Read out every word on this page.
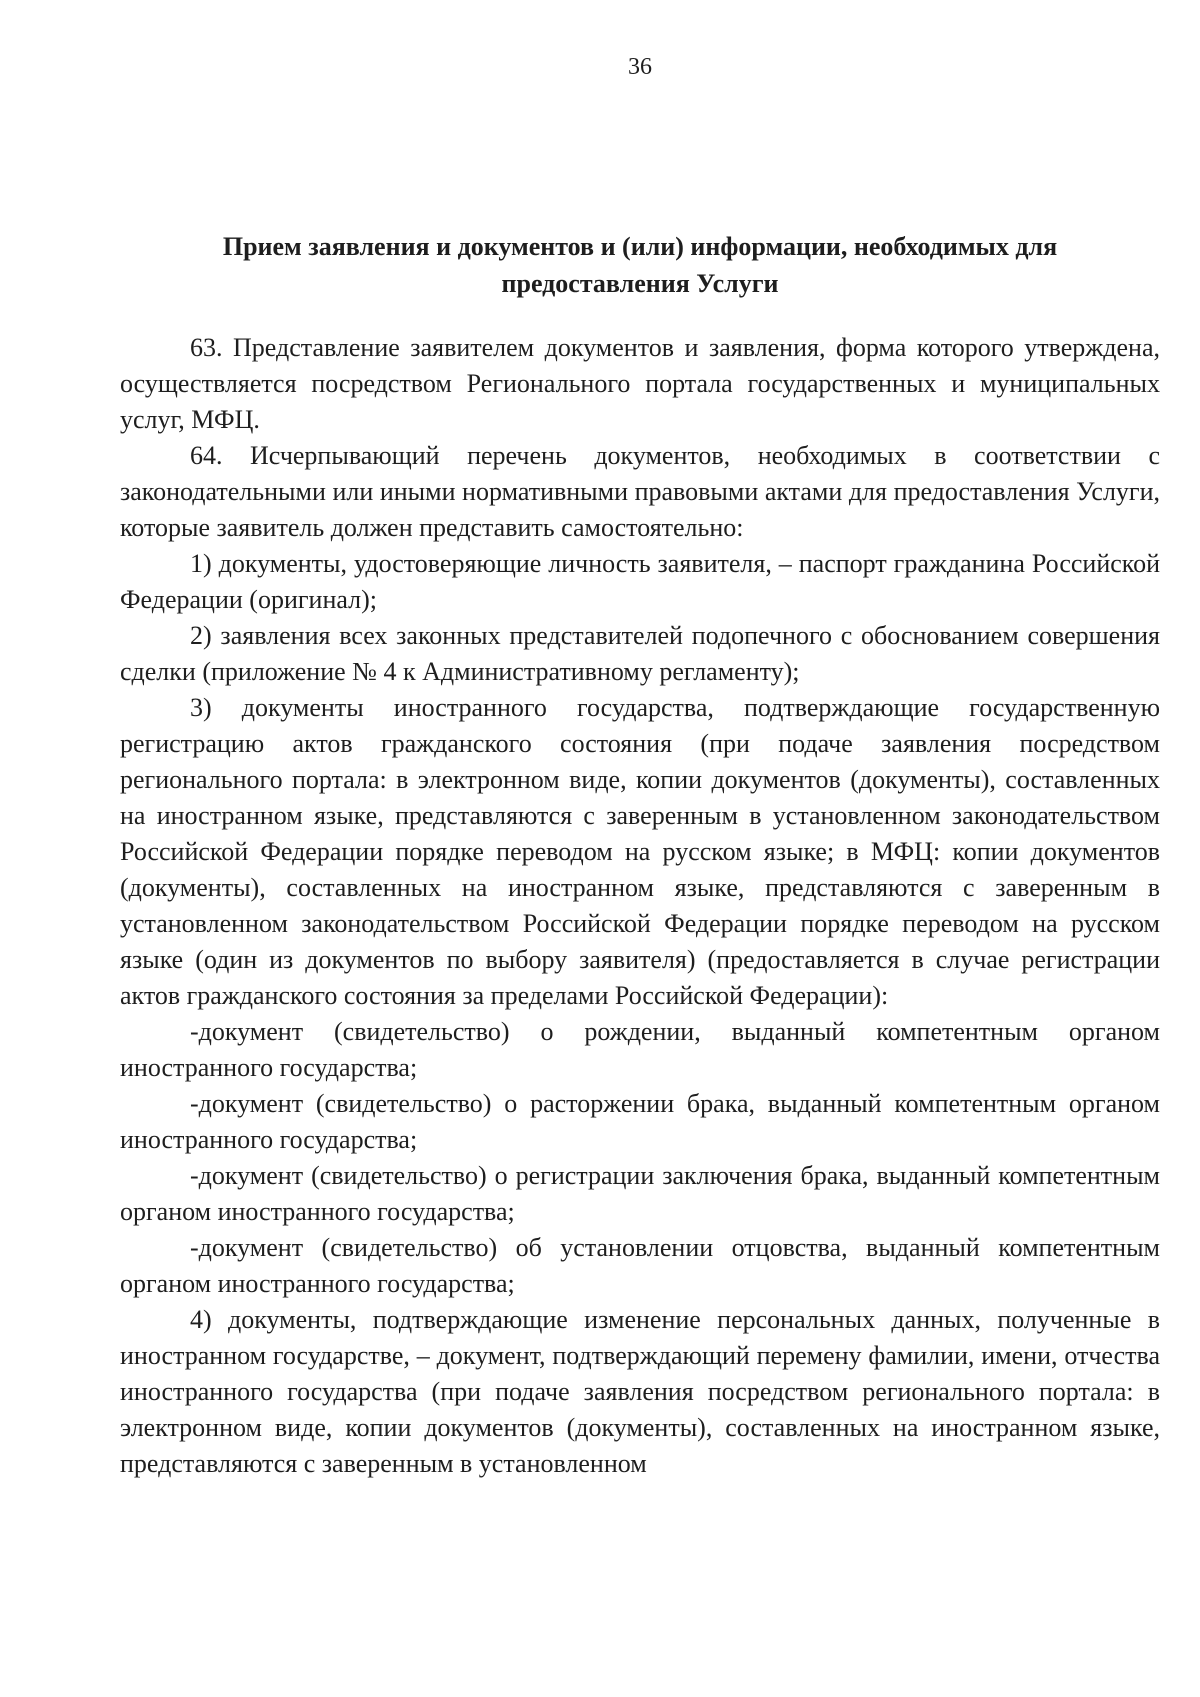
36
Прием заявления и документов и (или) информации, необходимых для
предоставления Услуги

63. Представление заявителем документов и заявления, форма которого утверждена, осуществляется посредством Регионального портала государственных и муниципальных услуг, МФЦ.

64. Исчерпывающий перечень документов, необходимых в соответствии с законодательными или иными нормативными правовыми актами для предоставления Услуги, которые заявитель должен представить самостоятельно:

1) документы, удостоверяющие личность заявителя, – паспорт гражданина Российской Федерации (оригинал);

2) заявления всех законных представителей подопечного с обоснованием совершения сделки (приложение № 4 к Административному регламенту);

3) документы иностранного государства, подтверждающие государственную регистрацию актов гражданского состояния (при подаче заявления посредством регионального портала: в электронном виде, копии документов (документы), составленных на иностранном языке, представляются с заверенным в установленном законодательством Российской Федерации порядке переводом на русском языке; в МФЦ: копии документов (документы), составленных на иностранном языке, представляются с заверенным в установленном законодательством Российской Федерации порядке переводом на русском языке (один из документов по выбору заявителя) (предоставляется в случае регистрации актов гражданского состояния за пределами Российской Федерации):

-документ (свидетельство) о рождении, выданный компетентным органом иностранного государства;

-документ (свидетельство) о расторжении брака, выданный компетентным органом иностранного государства;

-документ (свидетельство) о регистрации заключения брака, выданный компетентным органом иностранного государства;

-документ (свидетельство) об установлении отцовства, выданный компетентным органом иностранного государства;

4) документы, подтверждающие изменение персональных данных, полученные в иностранном государстве, – документ, подтверждающий перемену фамилии, имени, отчества иностранного государства (при подаче заявления посредством регионального портала: в электронном виде, копии документов (документы), составленных на иностранном языке, представляются с заверенным в установленном
